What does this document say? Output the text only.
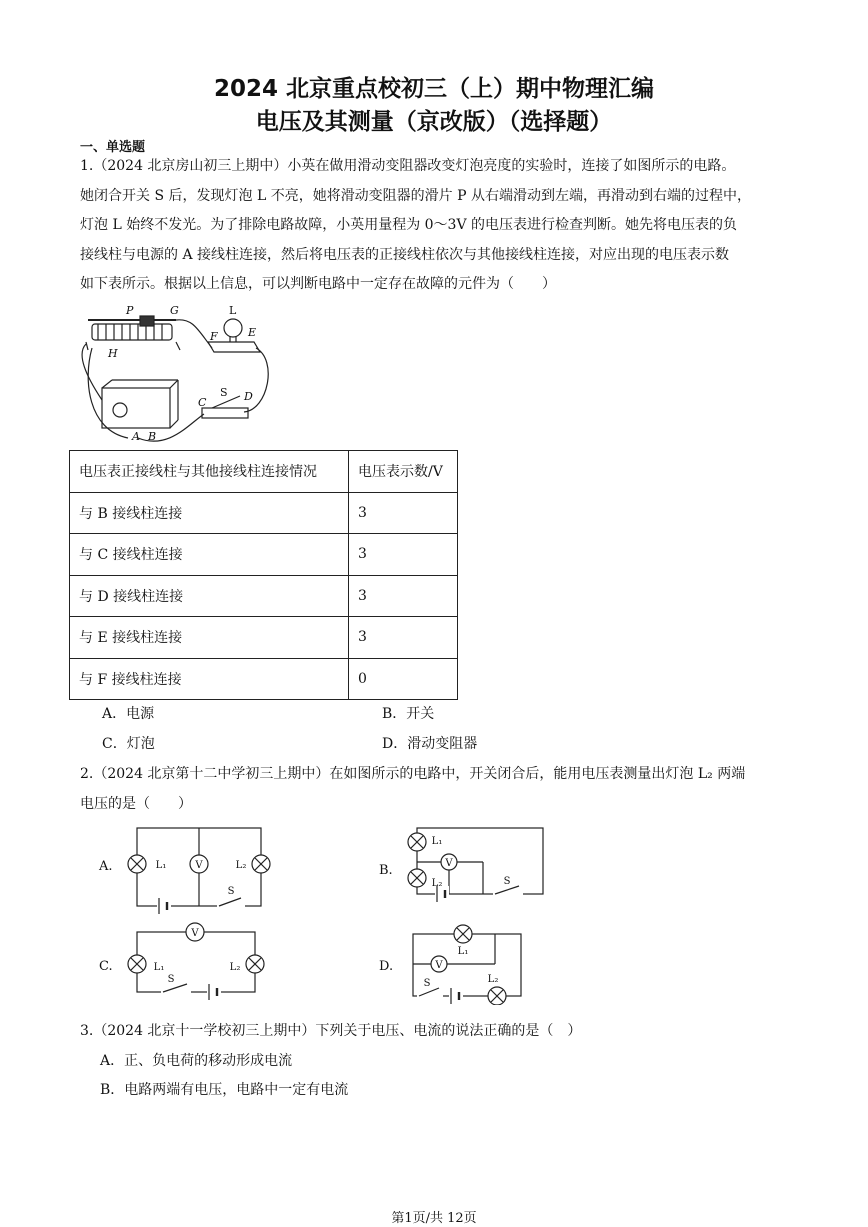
2024 北京重点校初三（上）期中物理汇编
电压及其测量（京改版）（选择题）
一、单选题

1.（2024 北京房山初三上期中）小英在做用滑动变阻器改变灯泡亮度的实验时，连接了如图所示的电路。

她闭合开关 S 后，发现灯泡 L 不亮，她将滑动变阻器的滑片 P 从右端滑动到左端，再滑动到右端的过程中，

灯泡 L 始终不发光。为了排除电路故障，小英用量程为 0～3V 的电压表进行检查判断。她先将电压表的负

接线柱与电源的 A 接线柱连接，然后将电压表的正接线柱依次与其他接线柱连接，对应出现的电压表示数

如下表所示。根据以上信息，可以判断电路中一定存在故障的元件为（　　）

P	G
H
L
F	E
S
C	D
A B
电压表正接线柱与其他接线柱连接情况	电压表示数/V
与 B 接线柱连接	3
与 C 接线柱连接	3
与 D 接线柱连接	3
与 E 接线柱连接	3
与 F 接线柱连接	0
A．电源	B．开关
C．灯泡	D．滑动变阻器

2.（2024 北京第十二中学初三上期中）在如图所示的电路中，开关闭合后，能用电压表测量出灯泡 L₂ 两端

电压的是（　　）

A.	B.
C.	D.
L₁	V	L₂
S
L₁
V
L₂	S
V
L₁	L₂
S
L₁
V
L₂
S

3.（2024 北京十一学校初三上期中）下列关于电压、电流的说法正确的是（　）

A．正、负电荷的移动形成电流

B．电路两端有电压，电路中一定有电流

第1页/共 12页
